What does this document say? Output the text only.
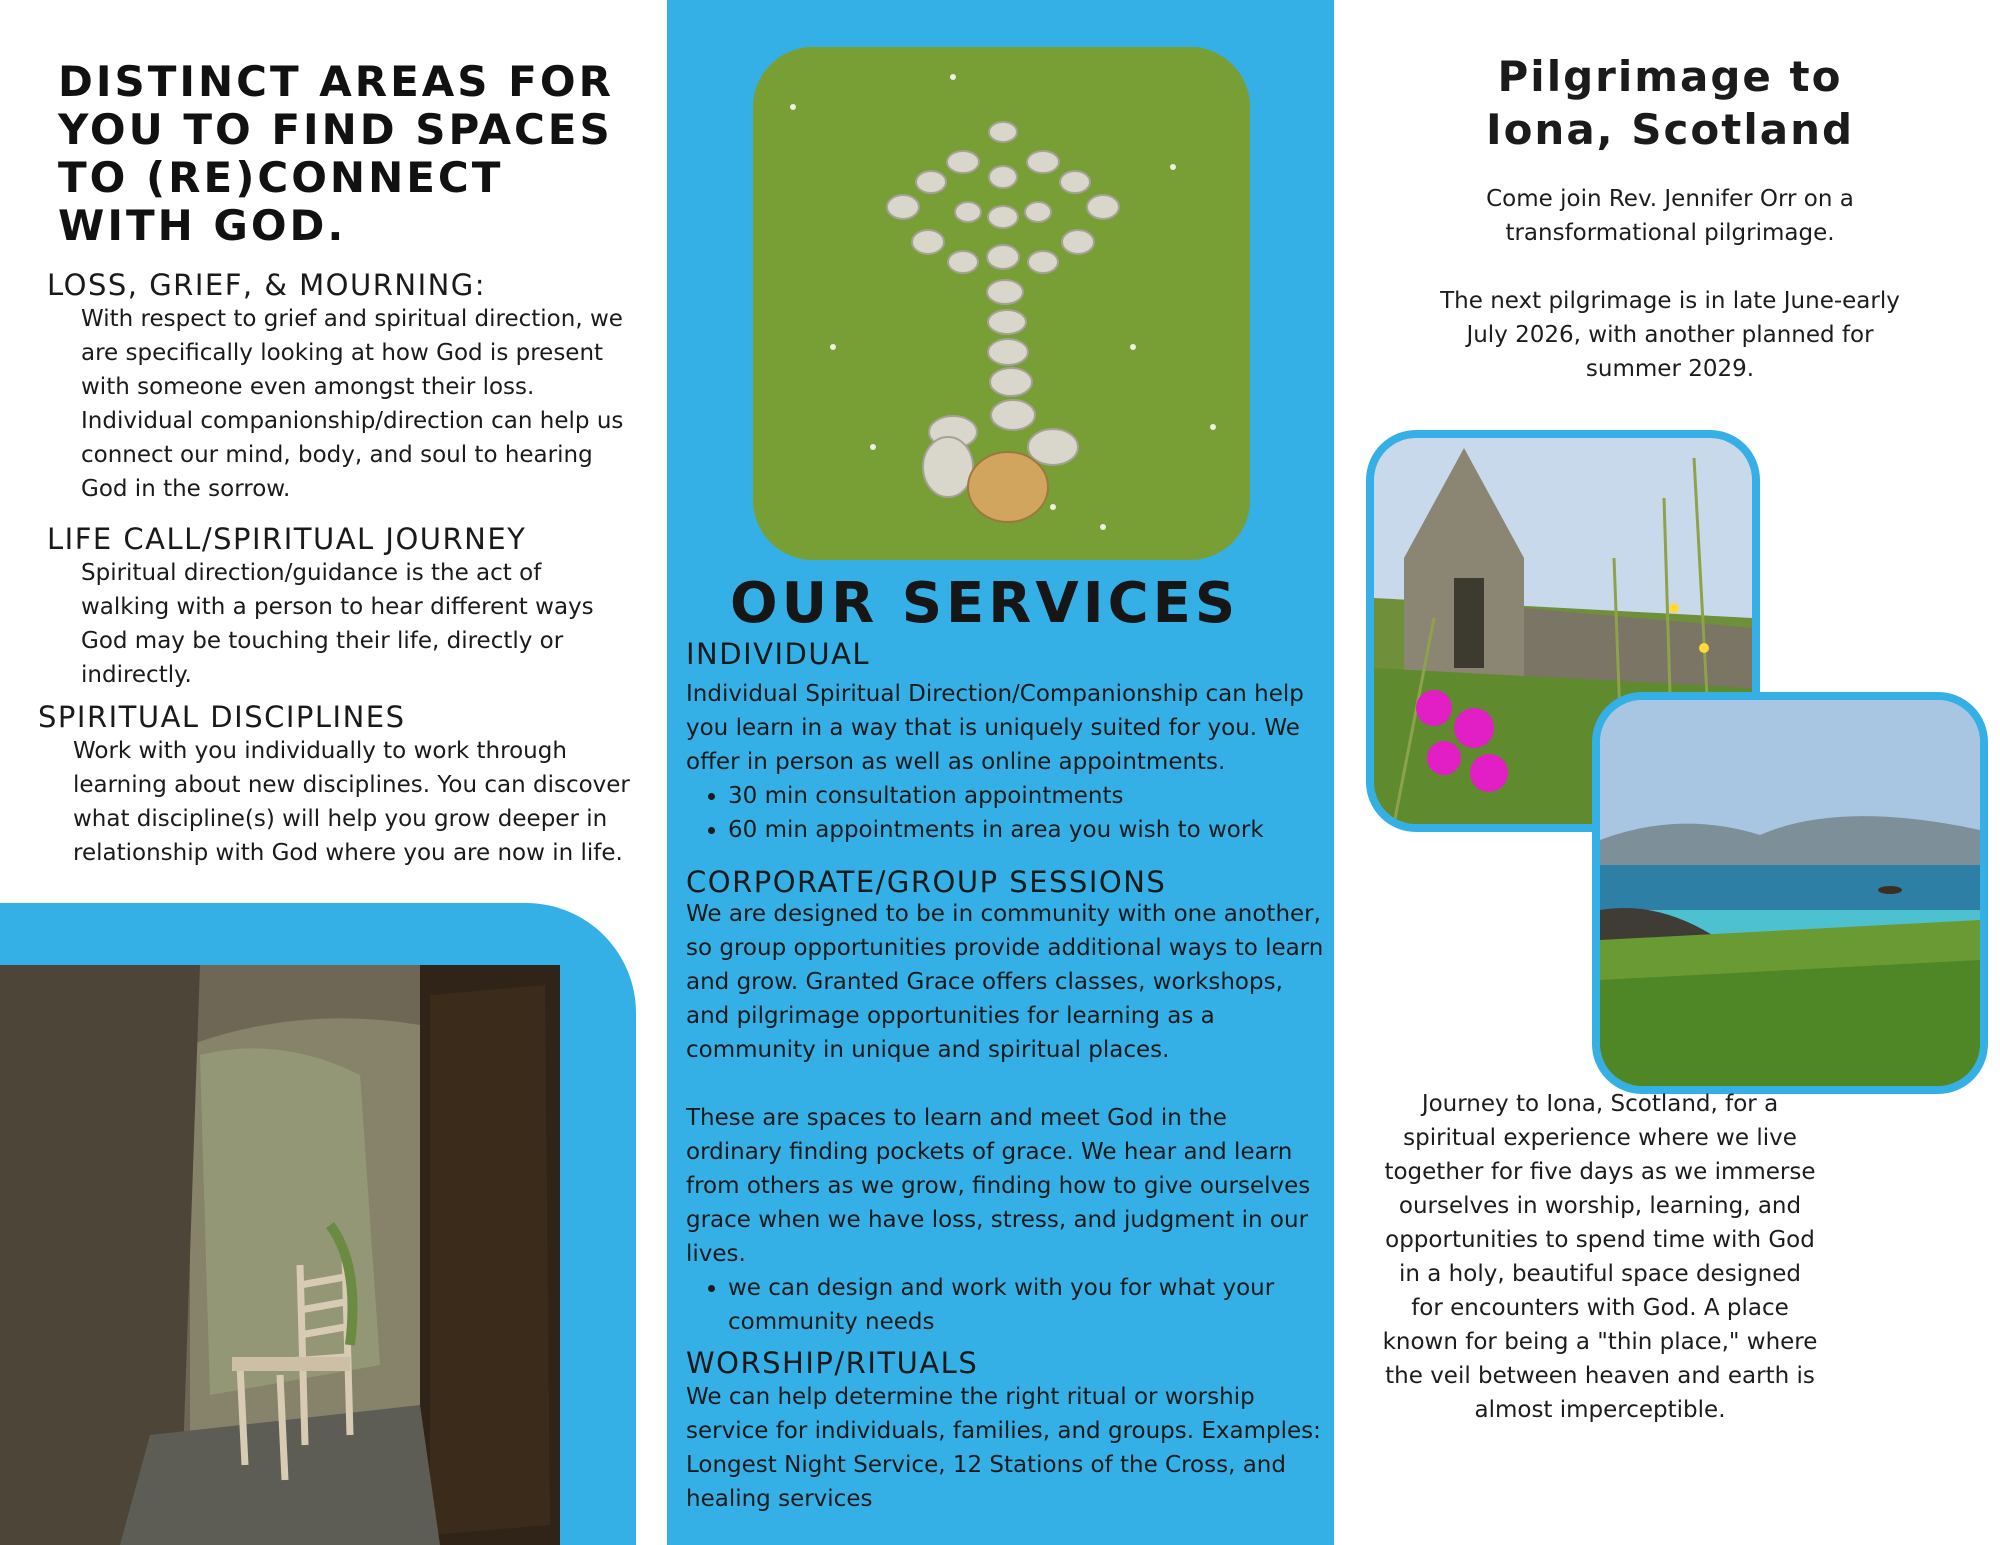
DISTINCT AREAS FOR YOU TO FIND SPACES TO (RE)CONNECT WITH GOD.
LOSS, GRIEF, & MOURNING:
With respect to grief and spiritual direction, we are specifically looking at how God is present with someone even amongst their loss. Individual companionship/direction can help us connect our mind, body, and soul to hearing God in the sorrow.
LIFE CALL/SPIRITUAL JOURNEY
Spiritual direction/guidance is the act of walking with a person to hear different ways God may be touching their life, directly or indirectly.
SPIRITUAL DISCIPLINES
Work with you individually to work through learning about new disciplines. You can discover what discipline(s) will help you grow deeper in relationship with God where you are now in life.
OUR SERVICES
INDIVIDUAL
Individual Spiritual Direction/Companionship can help you learn in a way that is uniquely suited for you. We offer in person as well as online appointments.
• 30 min consultation appointments
• 60 min appointments in area you wish to work
CORPORATE/GROUP SESSIONS
We are designed to be in community with one another, so group opportunities provide additional ways to learn and grow. Granted Grace offers classes, workshops, and pilgrimage opportunities for learning as a community in unique and spiritual places.
These are spaces to learn and meet God in the ordinary finding pockets of grace. We hear and learn from others as we grow, finding how to give ourselves grace when we have loss, stress, and judgment in our lives.
• we can design and work with you for what your community needs
WORSHIP/RITUALS
We can help determine the right ritual or worship service for individuals, families, and groups. Examples: Longest Night Service, 12 Stations of the Cross, and healing services
Pilgrimage to
Iona, Scotland
Come join Rev. Jennifer Orr on a transformational pilgrimage.
The next pilgrimage is in late June-early July 2026, with another planned for summer 2029.
Journey to Iona, Scotland, for a spiritual experience where we live together for five days as we immerse ourselves in worship, learning, and opportunities to spend time with God in a holy, beautiful space designed for encounters with God. A place known for being a "thin place," where the veil between heaven and earth is almost imperceptible.
